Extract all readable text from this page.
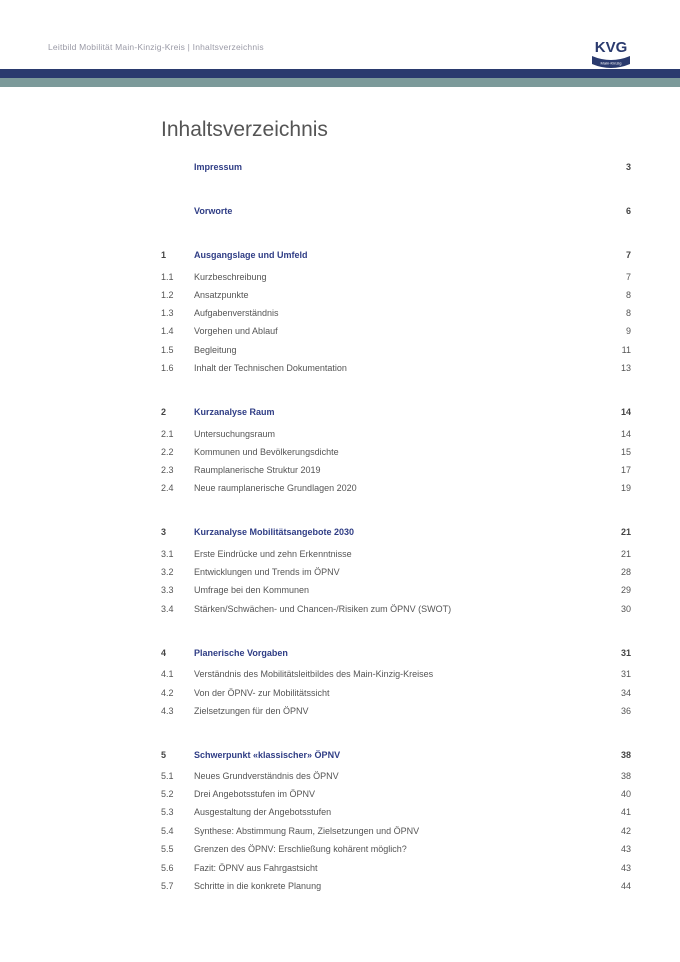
Leitbild Mobilität Main-Kinzig-Kreis | Inhaltsverzeichnis	KVG
Main-Kinzig
Inhaltsverzeichnis
Impressum	3
Vorworte	6
1	Ausgangslage und Umfeld	7
1.1 Kurzbeschreibung	7
1.2 Ansatzpunkte	8
1.3 Aufgabenverständnis	8
1.4 Vorgehen und Ablauf	9
1.5 Begleitung	11
1.6 Inhalt der Technischen Dokumentation	13
2	Kurzanalyse Raum	14
2.1 Untersuchungsraum	14
2.2 Kommunen und Bevölkerungsdichte	15
2.3 Raumplanerische Struktur 2019	17
2.4 Neue raumplanerische Grundlagen 2020	19
3	Kurzanalyse Mobilitätsangebote 2030	21
3.1 Erste Eindrücke und zehn Erkenntnisse	21
3.2 Entwicklungen und Trends im ÖPNV	28
3.3 Umfrage bei den Kommunen	29
3.4 Stärken/Schwächen- und Chancen-/Risiken zum ÖPNV (SWOT)	30
4	Planerische Vorgaben	31
4.1 Verständnis des Mobilitätsleitbildes des Main-Kinzig-Kreises	31
4.2 Von der ÖPNV- zur Mobilitätssicht	34
4.3 Zielsetzungen für den ÖPNV	36
5	Schwerpunkt «klassischer» ÖPNV	38
5.1 Neues Grundverständnis des ÖPNV	38
5.2 Drei Angebotsstufen im ÖPNV	40
5.3 Ausgestaltung der Angebotsstufen	41
5.4 Synthese: Abstimmung Raum, Zielsetzungen und ÖPNV	42
5.5 Grenzen des ÖPNV: Erschließung kohärent möglich?	43
5.6 Fazit: ÖPNV aus Fahrgastsicht	43
5.7 Schritte in die konkrete Planung	44
